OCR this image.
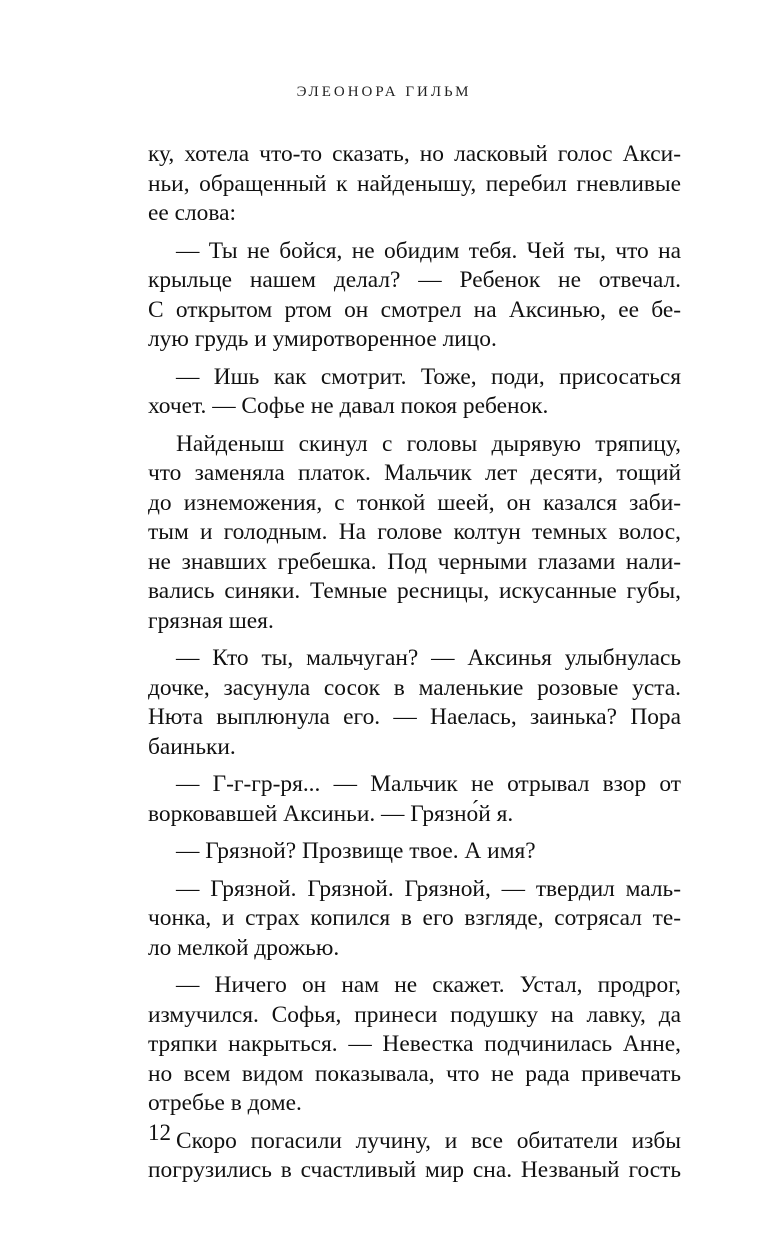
ЭЛЕОНОРА ГИЛЬМ
ку, хотела что-то сказать, но ласковый голос Акси-
ньи, обращенный к найденышу, перебил гневливые
ее слова:
— Ты не бойся, не обидим тебя. Чей ты, что на
крыльце нашем делал? — Ребенок не отвечал.
С открытом ртом он смотрел на Аксинью, ее бе-
лую грудь и умиротворенное лицо.
— Ишь как смотрит. Тоже, поди, присосаться
хочет. — Софье не давал покоя ребенок.
Найденыш скинул с головы дырявую тряпицу,
что заменяла платок. Мальчик лет десяти, тощий
до изнеможения, с тонкой шеей, он казался заби-
тым и голодным. На голове колтун темных волос,
не знавших гребешка. Под черными глазами нали-
вались синяки. Темные ресницы, искусанные губы,
грязная шея.
— Кто ты, мальчуган? — Аксинья улыбнулась
дочке, засунула сосок в маленькие розовые уста.
Нюта выплюнула его. — Наелась, заинька? Пора
баиньки.
— Г-г-гр-ря... — Мальчик не отрывал взор от
ворковавшей Аксиньи. — Грязно́й я.
— Грязной? Прозвище твое. А имя?
— Грязной. Грязной. Грязной, — твердил маль-
чонка, и страх копился в его взгляде, сотрясал те-
ло мелкой дрожью.
— Ничего он нам не скажет. Устал, продрог,
измучился. Софья, принеси подушку на лавку, да
тряпки накрыться. — Невестка подчинилась Анне,
но всем видом показывала, что не рада привечать
отребье в доме.
Скоро погасили лучину, и все обитатели избы
погрузились в счастливый мир сна. Незваный гость
12
